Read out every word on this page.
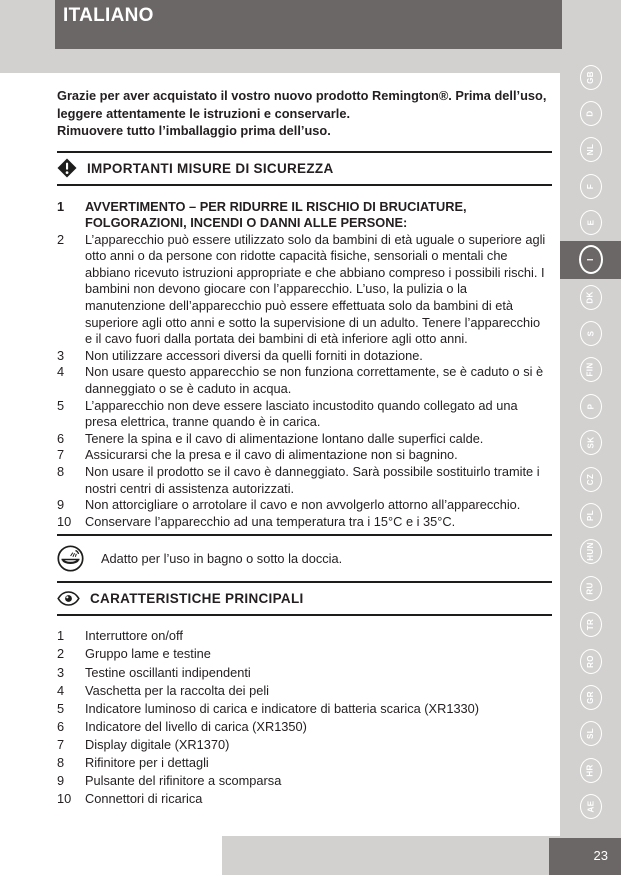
ITALIANO

Grazie per aver acquistato il vostro nuovo prodotto Remington®. Prima dell’uso, leggere attentamente le istruzioni e conservarle.

Rimuovere tutto l’imballaggio prima dell’uso.

IMPORTANTI MISURE DI SICUREZZA
1	AVVERTIMENTO – PER RIDURRE IL RISCHIO DI BRUCIATURE, FOLGORAZIONI, INCENDI O DANNI ALLE PERSONE:
2	L’apparecchio può essere utilizzato solo da bambini di età uguale o superiore agli otto anni o da persone con ridotte capacità fisiche, sensoriali o mentali che abbiano ricevuto istruzioni appropriate e che abbiano compreso i possibili rischi. I bambini non devono giocare con l’apparecchio. L’uso, la pulizia o la manutenzione dell’apparecchio può essere effettuata solo da bambini di età superiore agli otto anni e sotto la supervisione di un adulto. Tenere l’apparecchio e il cavo fuori dalla portata dei bambini di età inferiore agli otto anni.
3	Non utilizzare accessori diversi da quelli forniti in dotazione.
4	Non usare questo apparecchio se non funziona correttamente, se è caduto o si è danneggiato o se è caduto in acqua.
5	L’apparecchio non deve essere lasciato incustodito quando collegato ad una presa elettrica, tranne quando è in carica.
6	Tenere la spina e il cavo di alimentazione lontano dalle superfici calde.
7	Assicurarsi che la presa e il cavo di alimentazione non si bagnino.
8	Non usare il prodotto se il cavo è danneggiato. Sarà possibile sostituirlo tramite i nostri centri di assistenza autorizzati.
9	Non attorcigliare o arrotolare il cavo e non avvolgerlo attorno all’apparecchio.
10	Conservare l’apparecchio ad una temperatura tra i 15°C e i 35°C.
Adatto per l’uso in bagno o sotto la doccia.
CARATTERISTICHE PRINCIPALI
1	Interruttore on/off
2	Gruppo lame e testine
3	Testine oscillanti indipendenti
4	Vaschetta per la raccolta dei peli
5	Indicatore luminoso di carica e indicatore di batteria scarica (XR1330)
6	Indicatore del livello di carica (XR1350)
7	Display digitale (XR1370)
8	Rifinitore per i dettagli
9	Pulsante del rifinitore a scomparsa
10	Connettori di ricarica
GB
D
NL
F
E
I
DK
S
FIN
P
SK
CZ
PL
HUN
RU
TR
RO
GR
SL
HR
AE
23
